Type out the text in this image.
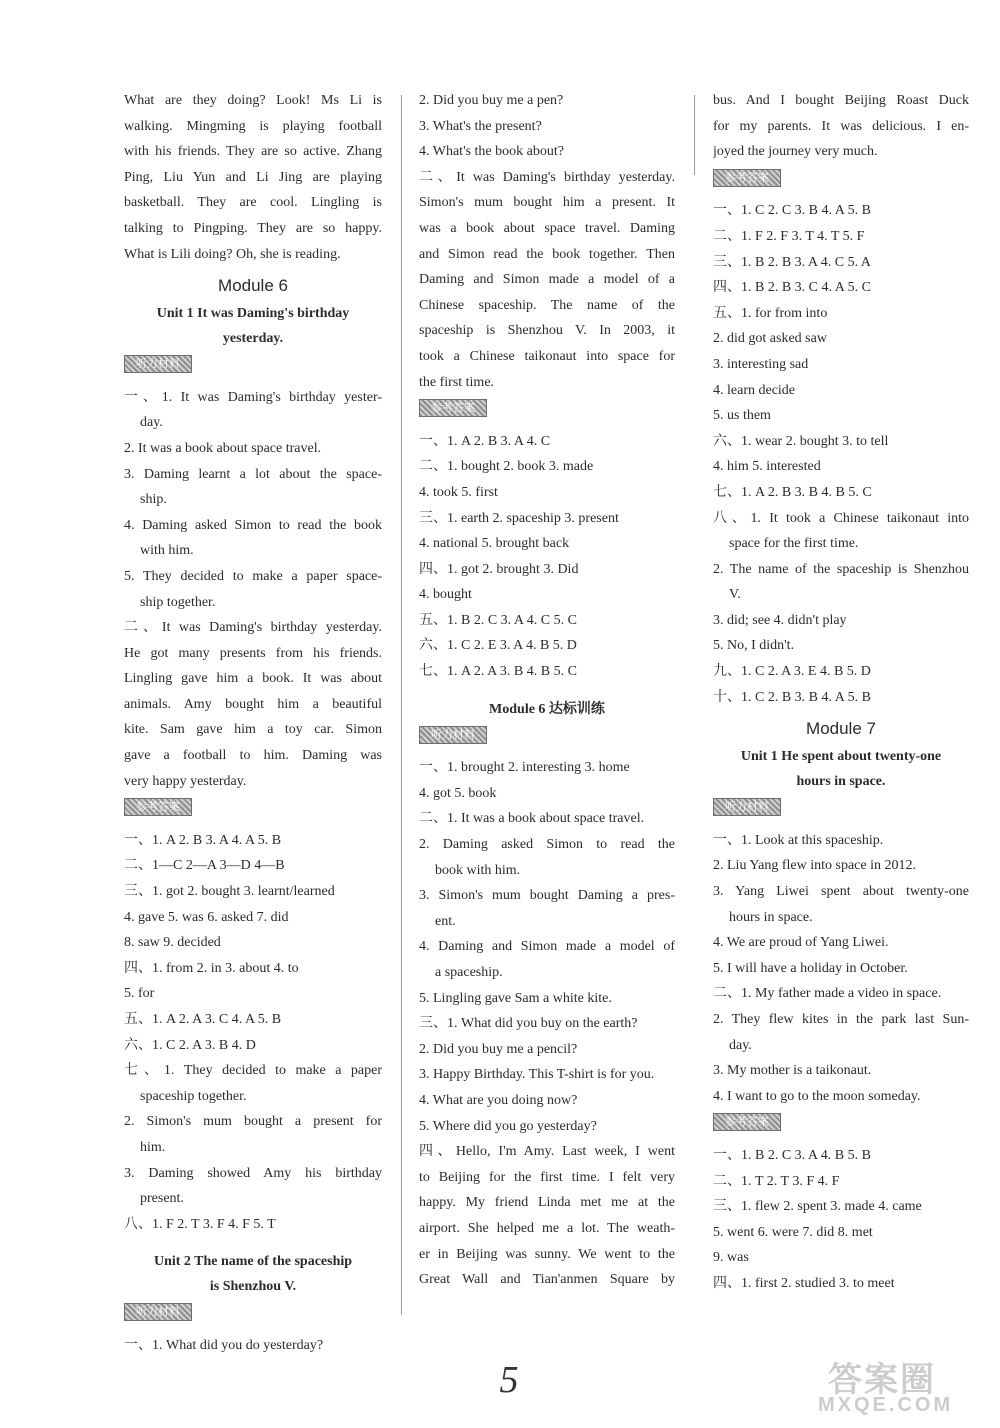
What are they doing? Look! Ms Li is
walking. Mingming is playing football
with his friends. They are so active. Zhang
Ping, Liu Yun and Li Jing are playing
basketball. They are cool. Lingling is
talking to Pingping. They are so happy.
What is Lili doing? Oh, she is reading.
Module 6
Unit 1 It was Daming's birthday
yesterday.
听力材料
一、1. It was Daming's birthday yester-
day.
2. It was a book about space travel.
3. Daming learnt a lot about the space-
ship.
4. Daming asked Simon to read the book
with him.
5. They decided to make a paper space-
ship together.
二、It was Daming's birthday yesterday.
He got many presents from his friends.
Lingling gave him a book. It was about
animals. Amy bought him a beautiful
kite. Sam gave him a toy car. Simon
gave a football to him. Daming was
very happy yesterday.
参考答案
一、1. A 2. B 3. A 4. A 5. B
二、1—C 2—A 3—D 4—B
三、1. got 2. bought 3. learnt/learned
4. gave 5. was 6. asked 7. did
8. saw 9. decided
四、1. from 2. in 3. about 4. to
5. for
五、1. A 2. A 3. C 4. A 5. B
六、1. C 2. A 3. B 4. D
七、1. They decided to make a paper
spaceship together.
2. Simon's mum bought a present for
him.
3. Daming showed Amy his birthday
present.
八、1. F 2. T 3. F 4. F 5. T
Unit 2 The name of the spaceship
is Shenzhou V.
听力材料
一、1. What did you do yesterday?
2. Did you buy me a pen?
3. What's the present?
4. What's the book about?
二、It was Daming's birthday yesterday.
Simon's mum bought him a present. It
was a book about space travel. Daming
and Simon read the book together. Then
Daming and Simon made a model of a
Chinese spaceship. The name of the
spaceship is Shenzhou V. In 2003, it
took a Chinese taikonaut into space for
the first time.
参考答案
一、1. A 2. B 3. A 4. C
二、1. bought 2. book 3. made
4. took 5. first
三、1. earth 2. spaceship 3. present
4. national 5. brought back
四、1. got 2. brought 3. Did
4. bought
五、1. B 2. C 3. A 4. C 5. C
六、1. C 2. E 3. A 4. B 5. D
七、1. A 2. A 3. B 4. B 5. C
Module 6 达标训练
听力材料
一、1. brought 2. interesting 3. home
4. got 5. book
二、1. It was a book about space travel.
2. Daming asked Simon to read the
book with him.
3. Simon's mum bought Daming a pres-
ent.
4. Daming and Simon made a model of
a spaceship.
5. Lingling gave Sam a white kite.
三、1. What did you buy on the earth?
2. Did you buy me a pencil?
3. Happy Birthday. This T-shirt is for you.
4. What are you doing now?
5. Where did you go yesterday?
四、Hello, I'm Amy. Last week, I went
to Beijing for the first time. I felt very
happy. My friend Linda met me at the
airport. She helped me a lot. The weath-
er in Beijing was sunny. We went to the
Great Wall and Tian'anmen Square by
bus. And I bought Beijing Roast Duck
for my parents. It was delicious. I en-
joyed the journey very much.
参考答案
一、1. C 2. C 3. B 4. A 5. B
二、1. F 2. F 3. T 4. T 5. F
三、1. B 2. B 3. A 4. C 5. A
四、1. B 2. B 3. C 4. A 5. C
五、1. for from into
2. did got asked saw
3. interesting sad
4. learn decide
5. us them
六、1. wear 2. bought 3. to tell
4. him 5. interested
七、1. A 2. B 3. B 4. B 5. C
八、1. It took a Chinese taikonaut into
space for the first time.
2. The name of the spaceship is Shenzhou
V.
3. did; see 4. didn't play
5. No, I didn't.
九、1. C 2. A 3. E 4. B 5. D
十、1. C 2. B 3. B 4. A 5. B
Module 7
Unit 1 He spent about twenty-one
hours in space.
听力材料
一、1. Look at this spaceship.
2. Liu Yang flew into space in 2012.
3. Yang Liwei spent about twenty-one
hours in space.
4. We are proud of Yang Liwei.
5. I will have a holiday in October.
二、1. My father made a video in space.
2. They flew kites in the park last Sun-
day.
3. My mother is a taikonaut.
4. I want to go to the moon someday.
参考答案
一、1. B 2. C 3. A 4. B 5. B
二、1. T 2. T 3. F 4. F
三、1. flew 2. spent 3. made 4. came
5. went 6. were 7. did 8. met
9. was
四、1. first 2. studied 3. to meet
5	答案圈
MXQE.COM
